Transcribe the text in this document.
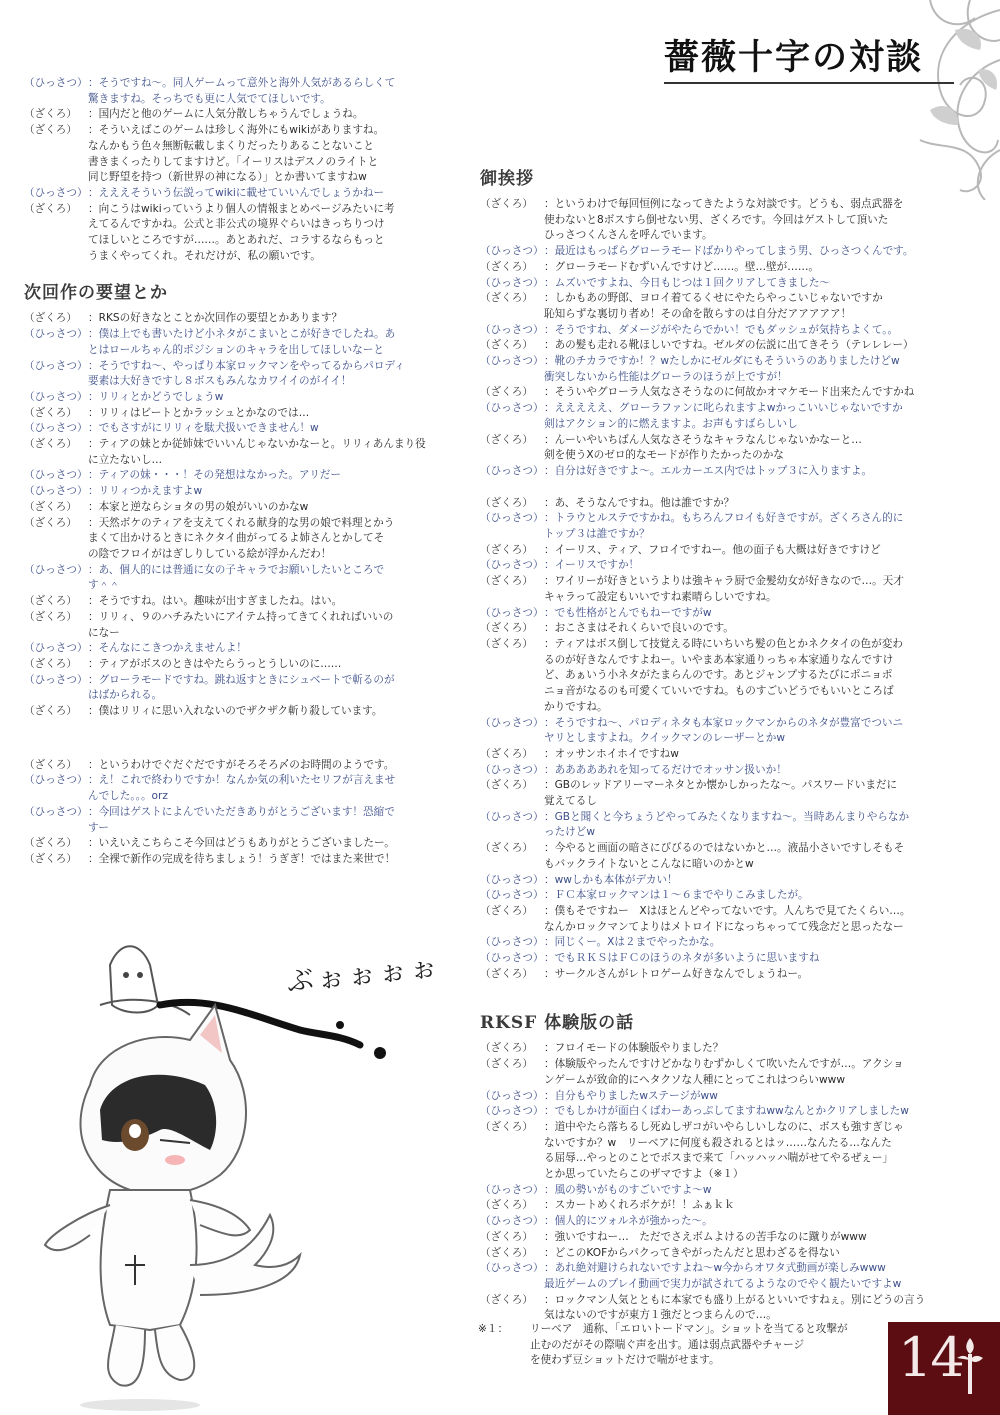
薔薇十字の対談
（ひっさつ） ：そうですね～。同人ゲームって意外と海外人気があるらしくて
驚きますね。そっちでも更に人気でてほしいです。
（ざくろ）	：国内だと他のゲームに人気分散しちゃうんでしょうね。
（ざくろ）	：そういえばこのゲームは珍しく海外にもwikiがありますね。
なんかもう色々無断転載しまくりだったりあることないこと
書きまくったりしてますけど。「イーリスはデスノのライトと
同じ野望を持つ（新世界の神になる）」とか書いてますねw
（ひっさつ） ：えええそういう伝説ってwikiに載せていいんでしょうかねー
（ざくろ）	：向こうはwikiっていうより個人の情報まとめページみたいに考
えてるんですかね。公式と非公式の境界ぐらいはきっちりつけ
てほしいところですが……。あとあれだ、コラするならもっと
うまくやってくれ。それだけが、私の願いです。
次回作の要望とか
（ざくろ）	：RKSの好きなとことか次回作の要望とかあります？
（ひっさつ） ：僕は上でも書いたけど小ネタがこまいとこが好きでしたね。あ
とはロールちゃん的ポジションのキャラを出してほしいなーと
（ひっさつ） ：そうですね～、やっぱり本家ロックマンをやってるからパロディ
要素は大好きですし８ボスもみんなカワイイのがイイ！
（ひっさつ） ：リリィとかどうでしょうw
（ざくろ）	：リリィはビートとかラッシュとかなのでは…
（ひっさつ） ：でもさすがにリリィを駄犬扱いできません！w
（ざくろ）	：ティアの妹とか従姉妹でいいんじゃないかなーと。リリィあんまり役
に立たないし…
（ひっさつ） ：ティアの妹・・・！その発想はなかった。アリだー
（ひっさつ） ：リリィつかえますよw
（ざくろ）	：本家と逆ならショタの男の娘がいいのかなw
（ざくろ）	：天然ボケのティアを支えてくれる献身的な男の娘で料理とかう
まくて出かけるときにネクタイ曲がってるよ姉さんとかしてそ
の陰でフロイがはぎしりしている絵が浮かんだわ！
（ひっさつ） ：あ、個人的には普通に女の子キャラでお願いしたいところで
す＾＾
（ざくろ）	：そうですね。はい。趣味が出すぎましたね。はい。
（ざくろ）	：リリィ、９のハチみたいにアイテム持ってきてくれればいいの
になー
（ひっさつ） ：そんなにこきつかえませんよ！
（ざくろ）	：ティアがボスのときはやたらうっとうしいのに……
（ひっさつ） ：グローラモードですね。跳ね返すときにシュベートで斬るのが
はばかられる。
（ざくろ）	：僕はリリィに思い入れないのでザクザク斬り殺しています。
（ざくろ）	：というわけでぐだぐだですがそろそろ〆のお時間のようです。
（ひっさつ） ：え！これで終わりですか！なんか気の利いたセリフが言えませ
んでした。。。orz
（ひっさつ） ：今回はゲストによんでいただきありがとうございます！恐縮で
すー
（ざくろ）	：いえいえこちらこそ今回はどうもありがとうございましたー。
（ざくろ）	：全裸で新作の完成を待ちましょう！うぎぎ！ではまた来世で！
御挨拶
（ざくろ）	：というわけで毎回恒例になってきたような対談です。どうも、弱点武器を
使わないと8ボスすら倒せない男、ざくろです。今回はゲストして頂いた
ひっさつくんさんを呼んでいます。
（ひっさつ） ：最近はもっぱらグローラモードばかりやってしまう男、ひっさつくんです。
（ざくろ）	：グローラモードむずいんですけど……。壁…壁が……。
（ひっさつ） ：ムズいですよね、今日もじつは１回クリアしてきました～
（ざくろ）	：しかもあの野郎、ヨロイ着てるくせにやたらやっこいじゃないですか
恥知らずな裏切り者め！その命を散らすのは自分だアアアアア！
（ひっさつ） ：そうですね、ダメージがやたらでかい！でもダッシュが気持ちよくて。。
（ざくろ）	：あの髪も走れる靴ほしいですね。ゼルダの伝説に出てきそう（テレレレー）
（ひっさつ） ：靴のチカラですか！？wたしかにゼルダにもそういうのありましたけどw
衝突しないから性能はグローラのほうが上ですが！
（ざくろ）	：そういやグローラ人気なさそうなのに何故かオマケモード出来たんですかね
（ひっさつ） ：えええええ、グローラファンに叱られますよwかっこいいじゃないですか
剣はアクション的に燃えますよ。お声もすばらしいし
（ざくろ）	：んーいやいちばん人気なさそうなキャラなんじゃないかなーと…
剣を使うXのゼロ的なモードが作りたかったのかな
（ひっさつ） ：自分は好きですよ～。エルカーエス内ではトップ３に入りますよ。
（ざくろ）	：あ、そうなんですね。他は誰ですか？
（ひっさつ） ：トラウとルステですかね。もちろんフロイも好きですが。ざくろさん的に
トップ３は誰ですか？
（ざくろ）	：イーリス、ティア、フロイですねー。他の面子も大概は好きですけど
（ひっさつ） ：イーリスですか！
（ざくろ）	：ワイリーが好きというよりは強キャラ厨で金髪幼女が好きなので…。天才
キャラって設定もいいですね素晴らしいですね。
（ひっさつ） ：でも性格がとんでもねーですがw
（ざくろ）	：おこさまはそれくらいで良いのです。
（ざくろ）	：ティアはボス倒して技覚える時にいちいち髪の色とかネクタイの色が変わ
るのが好きなんですよねー。いやまあ本家通りっちゃ本家通りなんですけ
ど、あぁいう小ネタがたまらんのです。あとジャンプするたびにポニョポ
ニョ音がなるのも可愛くていいですね。ものすごいどうでもいいところば
かりですね。
（ひっさつ） ：そうですね～、パロディネタも本家ロックマンからのネタが豊富でついニ
ヤリとしますよね。クイックマンのレーザーとかw
（ざくろ）	：オッサンホイホイですねw
（ひっさつ） ：あああああれを知ってるだけでオッサン扱いか！
（ざくろ）	：GBのレッドアリーマーネタとか懐かしかったな～。パスワードいまだに
覚えてるし
（ひっさつ） ：GBと聞くと今ちょうどやってみたくなりますね～。当時あんまりやらなか
ったけどw
（ざくろ）	：今やると画面の暗さにびびるのではないかと…。液晶小さいですしそもそ
もバックライトないとこんなに暗いのかとw
（ひっさつ） ：wwしかも本体がデカい！
（ひっさつ） ：ＦＣ本家ロックマンは１～６までやりこみましたが。
（ざくろ）	：僕もそですねー　Xはほとんどやってないです。人んちで見てたくらい…。
なんかロックマンてよりはメトロイドになっちゃってて残念だと思ったなー
（ひっさつ） ：同じくー。Xは２までやったかな。
（ひっさつ） ：でもＲＫＳはＦＣのほうのネタが多いように思いますね
（ざくろ）	：サークルさんがレトロゲーム好きなんでしょうねー。
RKSF 体験版の話
（ざくろ）	：フロイモードの体験版やりました？
（ざくろ）	：体験版やったんですけどかなりむずかしくて吹いたんですが…。アクショ
ンゲームが致命的にヘタクソな人種にとってこれはつらいwww
（ひっさつ） ：自分もやりましたwステージがww
（ひっさつ） ：でもしかけが面白くばわーあっぷしてますねwwなんとかクリアしましたw
（ざくろ）	：道中やたら落ちるし死ぬしザコがいやらしいしなのに、ボスも強すぎじゃ
ないですか？w　リーベアに何度も殺されるとはッ……なんたる…なんた
る屈辱…やっとのことでボスまで来て「ハッハッハ喘がせてやるぜぇー」
とか思っていたらこのザマですよ（※１）
（ひっさつ） ：風の勢いがものすごいですよ～w
（ざくろ）	：スカートめくれろボケが！！ふぁｋｋ
（ひっさつ） ：個人的にツォルネが強かった～。
（ざくろ）	：強いですねー…　ただでさえボムよけるの苦手なのに蹴りがwww
（ざくろ）	：どこのKOFからパクってきやがったんだと思わざるを得ない
（ひっさつ） ：あれ絶対避けられないですよね～w今からオワタ式動画が楽しみwww
最近ゲームのプレイ動画で実力が試されてるようなのでやく観たいですよw
（ざくろ）	：ロックマン人気とともに本家でも盛り上がるといいですねぇ。別にどうの言う
気はないのですが東方１強だとつまらんので…。
ぶぉぉぉぉ
※１：	リーベア　通称、「エロいトードマン」。ショットを当てると攻撃が
止むのだがその際喘ぐ声を出す。通は弱点武器やチャージ
を使わず豆ショットだけで喘がせます。	14
